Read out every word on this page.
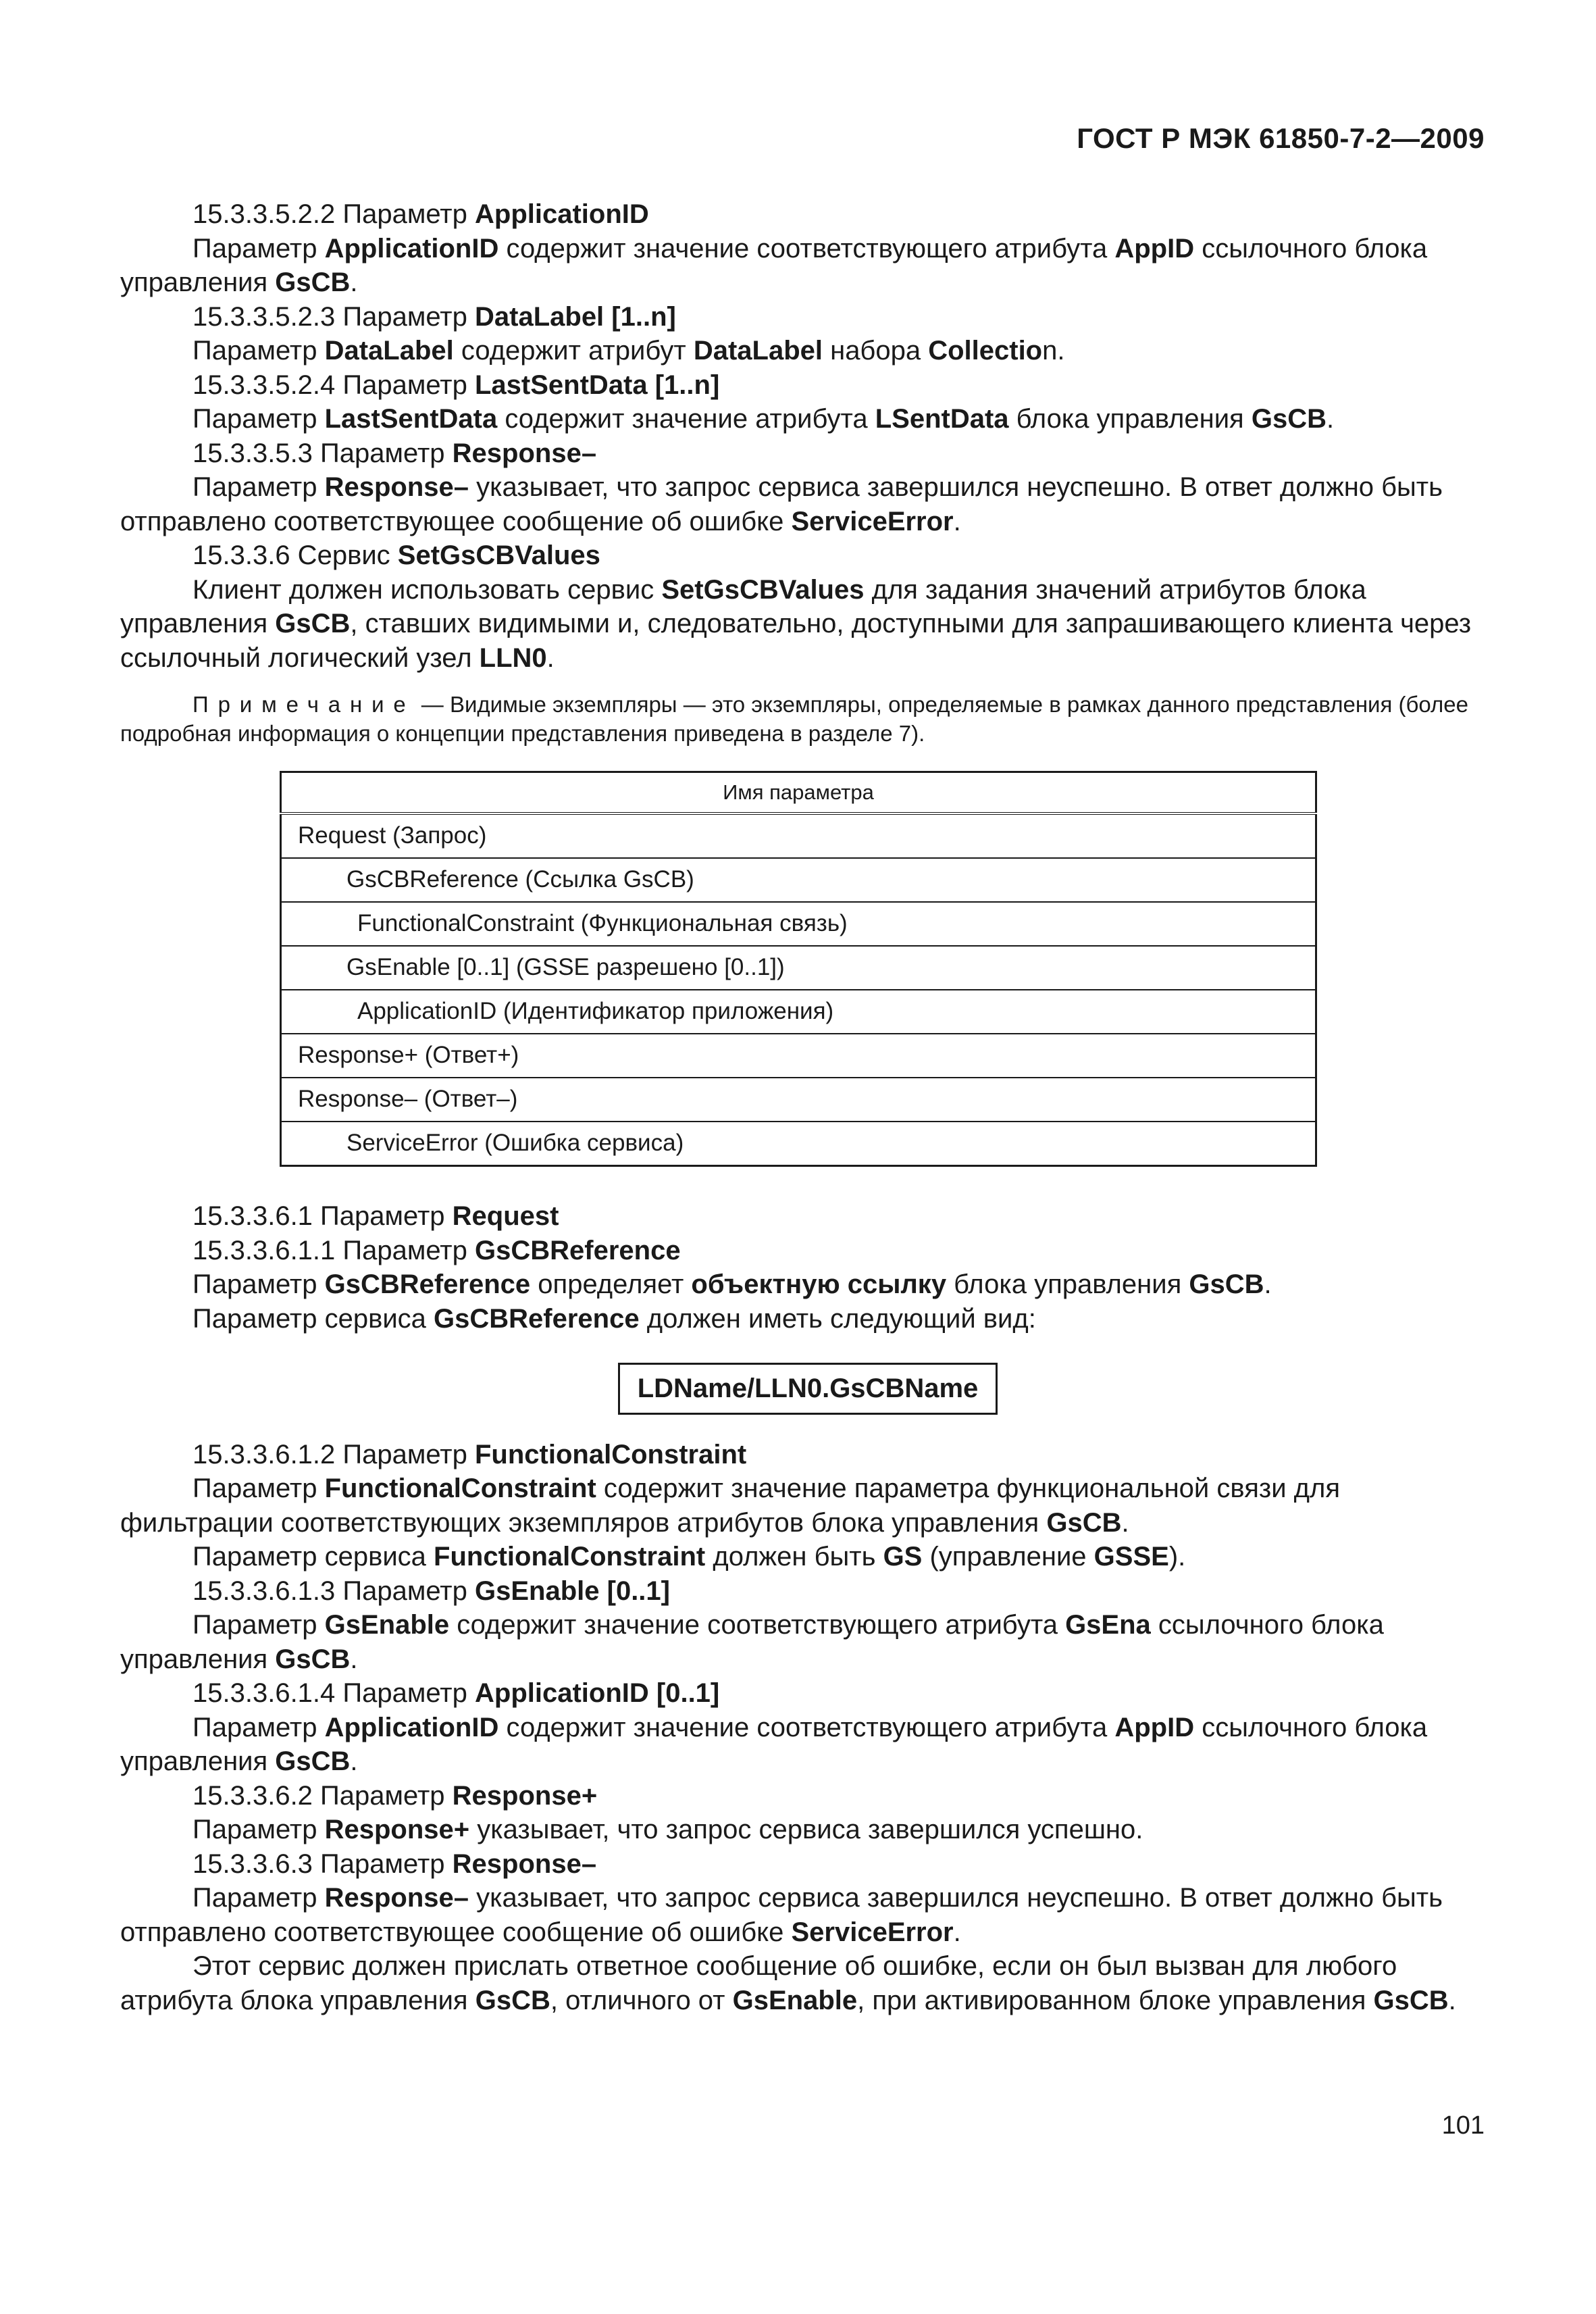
ГОСТ Р МЭК 61850-7-2—2009

15.3.3.5.2.2 Параметр ApplicationID

Параметр ApplicationID содержит значение соответствующего атрибута AppID ссылочного блока управления GsCB.

15.3.3.5.2.3 Параметр DataLabel [1..n]

Параметр DataLabel содержит атрибут DataLabel набора Collection.

15.3.3.5.2.4 Параметр LastSentData [1..n]

Параметр LastSentData содержит значение атрибута LSentData блока управления GsCB.

15.3.3.5.3 Параметр Response–

Параметр Response– указывает, что запрос сервиса завершился неуспешно. В ответ должно быть отправлено соответствующее сообщение об ошибке ServiceError.

15.3.3.6 Сервис SetGsCBValues

Клиент должен использовать сервис SetGsCBValues для задания значений атрибутов блока управления GsCB, ставших видимыми и, следовательно, доступными для запрашивающего клиента через ссылочный логический узел LLN0.

Примечание — Видимые экземпляры — это экземпляры, определяемые в рамках данного представления (более подробная информация о концепции представления приведена в разделе 7).

Имя параметра
Request (Запрос)
GsCBReference (Ссылка GsCB)
FunctionalConstraint (Функциональная связь)
GsEnable [0..1] (GSSE разрешено [0..1])
ApplicationID (Идентификатор приложения)
Response+ (Ответ+)
Response– (Ответ–)
ServiceError (Ошибка сервиса)

15.3.3.6.1 Параметр Request

15.3.3.6.1.1 Параметр GsCBReference

Параметр GsCBReference определяет объектную ссылку блока управления GsCB.

Параметр сервиса GsCBReference должен иметь следующий вид:

LDName/LLN0.GsCBName

15.3.3.6.1.2 Параметр FunctionalConstraint

Параметр FunctionalConstraint содержит значение параметра функциональной связи для фильтрации соответствующих экземпляров атрибутов блока управления GsCB.

Параметр сервиса FunctionalConstraint должен быть GS (управление GSSE).

15.3.3.6.1.3 Параметр GsEnable [0..1]

Параметр GsEnable содержит значение соответствующего атрибута GsEna ссылочного блока управления GsCB.

15.3.3.6.1.4 Параметр ApplicationID [0..1]

Параметр ApplicationID содержит значение соответствующего атрибута AppID ссылочного блока управления GsCB.

15.3.3.6.2 Параметр Response+

Параметр Response+ указывает, что запрос сервиса завершился успешно.

15.3.3.6.3 Параметр Response–

Параметр Response– указывает, что запрос сервиса завершился неуспешно. В ответ должно быть отправлено соответствующее сообщение об ошибке ServiceError.

Этот сервис должен прислать ответное сообщение об ошибке, если он был вызван для любого атрибута блока управления GsCB, отличного от GsEnable, при активированном блоке управления GsCB.

101
